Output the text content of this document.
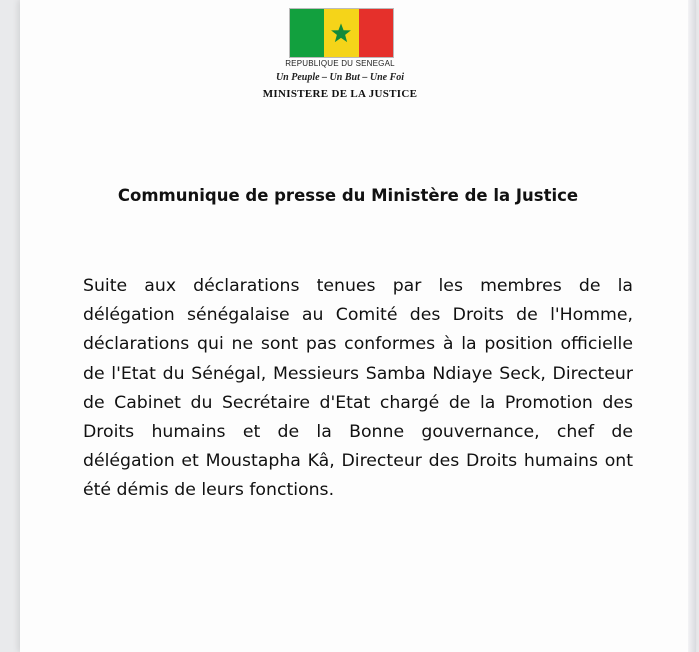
REPUBLIQUE DU SENEGAL
Un Peuple – Un But – Une Foi
MINISTERE DE LA JUSTICE
Communique de presse du Ministère de la Justice

Suite aux déclarations tenues par les membres de la délégation sénégalaise au Comité des Droits de l'Homme, déclarations qui ne sont pas conformes à la position officielle de l'Etat du Sénégal, Messieurs Samba Ndiaye Seck, Directeur de Cabinet du Secrétaire d'Etat chargé de la Promotion des Droits humains et de la Bonne gouvernance, chef de délégation et Moustapha Kâ, Directeur des Droits humains ont été démis de leurs fonctions.
